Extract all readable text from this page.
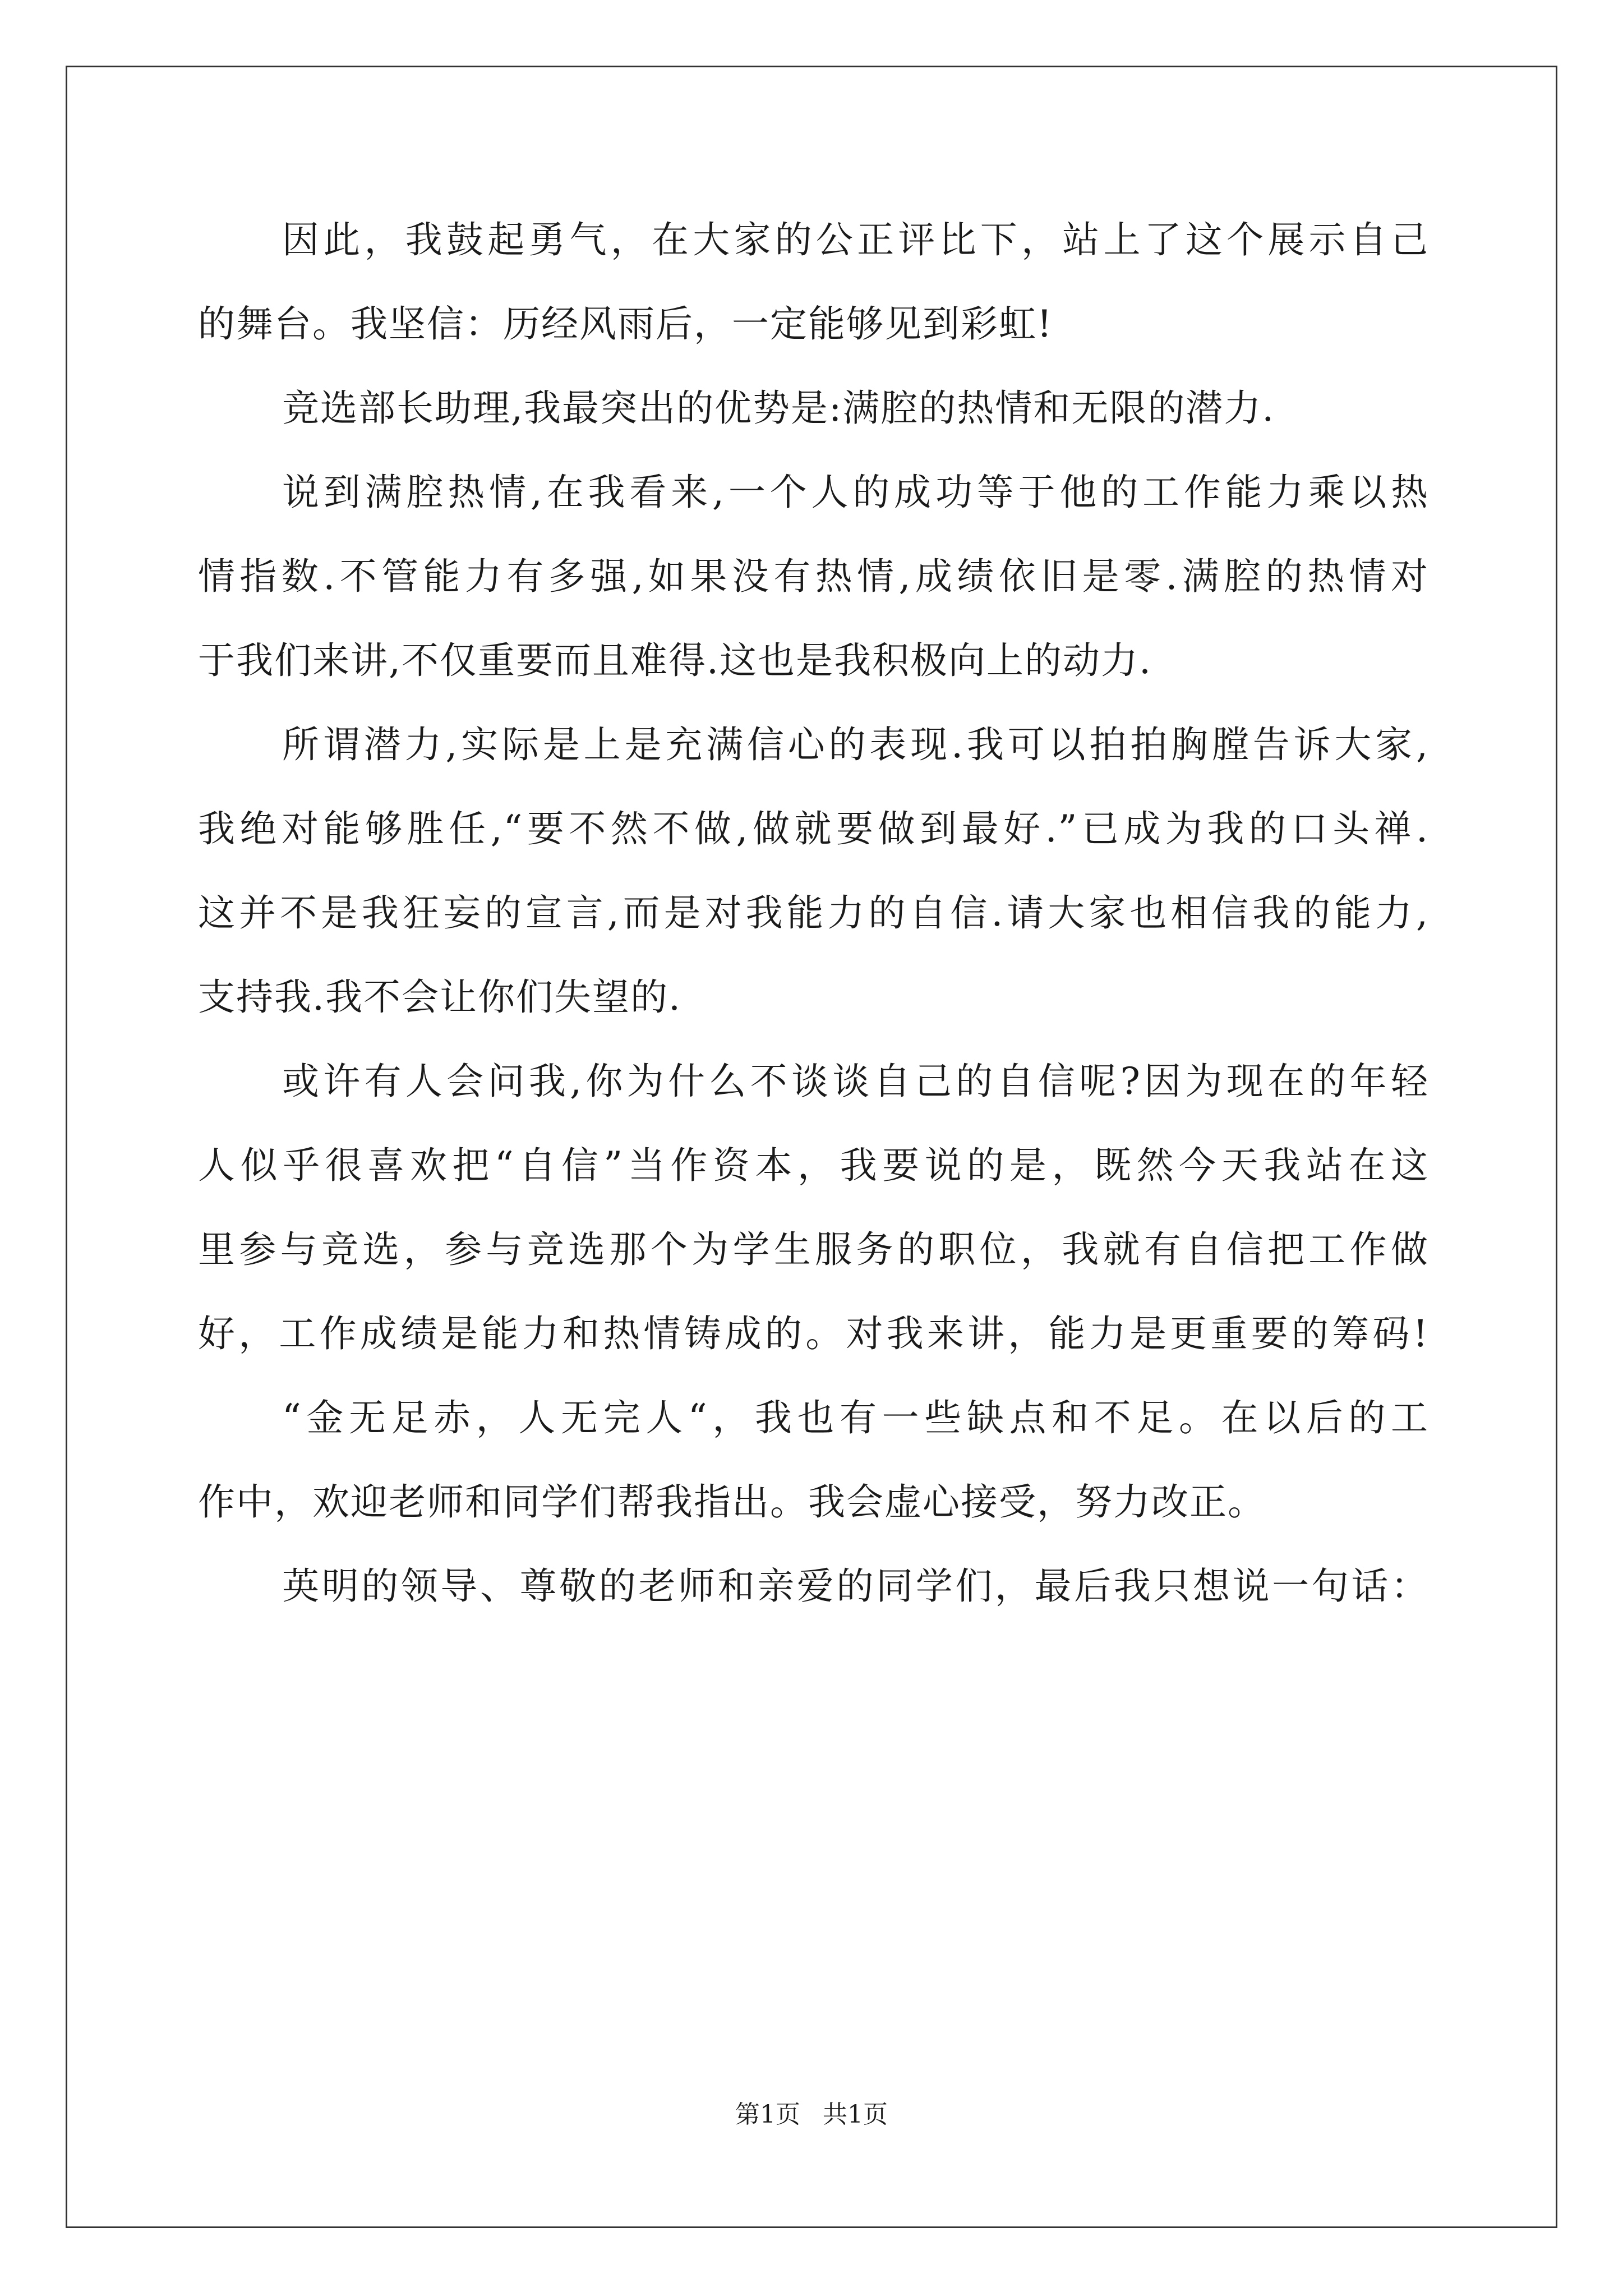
因此，我鼓起勇气，在大家的公正评比下，站上了这个展示自己
的舞台。我坚信：历经风雨后，一定能够见到彩虹!
竞选部长助理,我最突出的优势是:满腔的热情和无限的潜力.
说到满腔热情,在我看来,一个人的成功等于他的工作能力乘以热
情指数.不管能力有多强,如果没有热情,成绩依旧是零.满腔的热情对
于我们来讲,不仅重要而且难得.这也是我积极向上的动力.
所谓潜力,实际是上是充满信心的表现.我可以拍拍胸膛告诉大家,
我绝对能够胜任,“要不然不做,做就要做到最好.”已成为我的口头禅.
这并不是我狂妄的宣言,而是对我能力的自信.请大家也相信我的能力,
支持我.我不会让你们失望的.
或许有人会问我,你为什么不谈谈自己的自信呢?因为现在的年轻
人似乎很喜欢把“自信”当作资本，我要说的是，既然今天我站在这
里参与竞选，参与竞选那个为学生服务的职位，我就有自信把工作做
好，工作成绩是能力和热情铸成的。对我来讲，能力是更重要的筹码!
“金无足赤，人无完人“，我也有一些缺点和不足。在以后的工
作中，欢迎老师和同学们帮我指出。我会虚心接受，努力改正。
英明的领导、尊敬的老师和亲爱的同学们，最后我只想说一句话：
第1页 共1页
